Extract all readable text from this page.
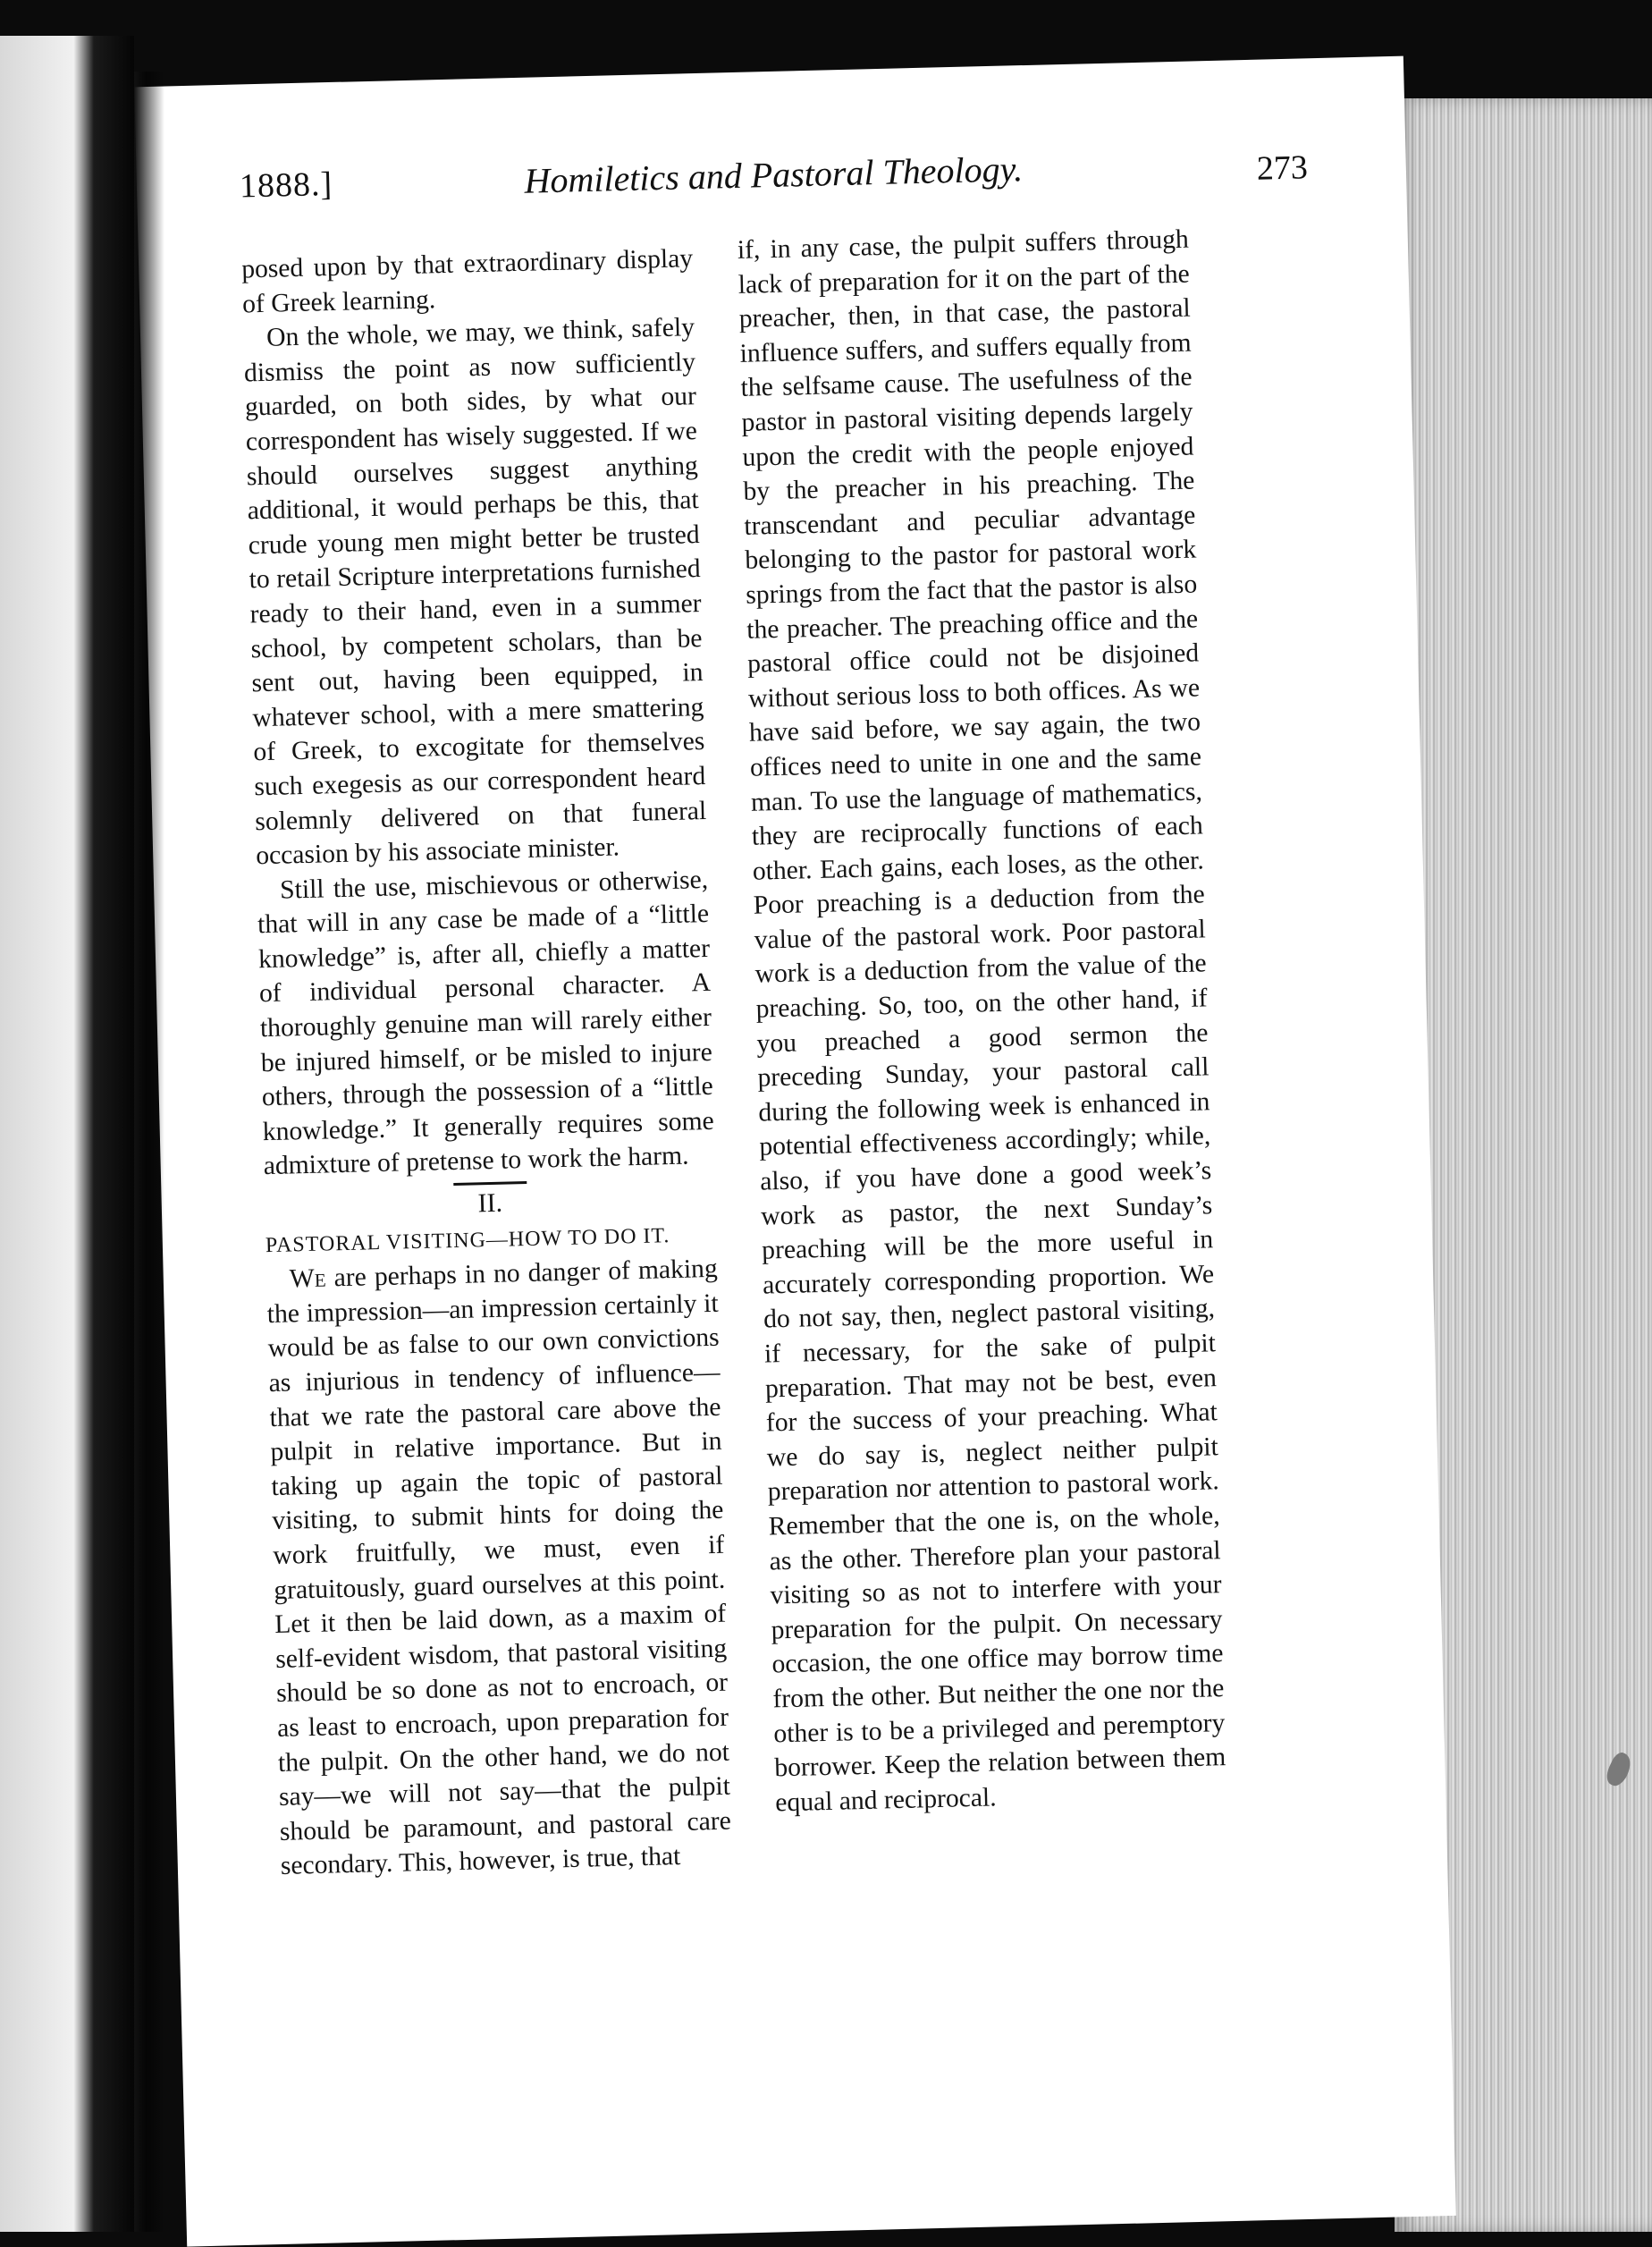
1888.]	Homiletics and Pastoral Theology.	273

posed upon by that extraordinary display of Greek learning.

On the whole, we may, we think, safely dismiss the point as now sufficiently guarded, on both sides, by what our correspondent has wisely suggested. If we should ourselves suggest anything additional, it would perhaps be this, that crude young men might better be trusted to retail Scripture interpretations furnished ready to their hand, even in a summer school, by competent scholars, than be sent out, having been equipped, in whatever school, with a mere smattering of Greek, to excogitate for themselves such exegesis as our correspondent heard solemnly delivered on that funeral occasion by his associate minister.

Still the use, mischievous or otherwise, that will in any case be made of a “little knowledge” is, after all, chiefly a matter of individual personal character. A thoroughly genuine man will rarely either be injured himself, or be misled to injure others, through the possession of a “little knowledge.” It generally requires some admixture of pretense to work the harm.

II.
PASTORAL VISITING—HOW TO DO IT.

We are perhaps in no danger of making the impression—an impression certainly it would be as false to our own convictions as injurious in tendency of influence—that we rate the pastoral care above the pulpit in relative importance. But in taking up again the topic of pastoral visiting, to submit hints for doing the work fruitfully, we must, even if gratuitously, guard ourselves at this point. Let it then be laid down, as a maxim of self-evident wisdom, that pastoral visiting should be so done as not to encroach, or as least to encroach, upon preparation for the pulpit. On the other hand, we do not say—we will not say—that the pulpit should be paramount, and pastoral care secondary. This, however, is true, that

if, in any case, the pulpit suffers through lack of preparation for it on the part of the preacher, then, in that case, the pastoral influence suffers, and suffers equally from the selfsame cause. The usefulness of the pastor in pastoral visiting depends largely upon the credit with the people enjoyed by the preacher in his preaching. The transcendant and peculiar advantage belonging to the pastor for pastoral work springs from the fact that the pastor is also the preacher. The preaching office and the pastoral office could not be disjoined without serious loss to both offices. As we have said before, we say again, the two offices need to unite in one and the same man. To use the language of mathematics, they are reciprocally functions of each other. Each gains, each loses, as the other. Poor preaching is a deduction from the value of the pastoral work. Poor pastoral work is a deduction from the value of the preaching. So, too, on the other hand, if you preached a good sermon the preceding Sunday, your pastoral call during the following week is enhanced in potential effectiveness accordingly; while, also, if you have done a good week’s work as pastor, the next Sunday’s preaching will be the more useful in accurately corresponding proportion. We do not say, then, neglect pastoral visiting, if necessary, for the sake of pulpit preparation. That may not be best, even for the success of your preaching. What we do say is, neglect neither pulpit preparation nor attention to pastoral work. Remember that the one is, on the whole, as the other. Therefore plan your pastoral visiting so as not to interfere with your preparation for the pulpit. On necessary occasion, the one office may borrow time from the other. But neither the one nor the other is to be a privileged and peremptory borrower. Keep the relation between them equal and reciprocal.
